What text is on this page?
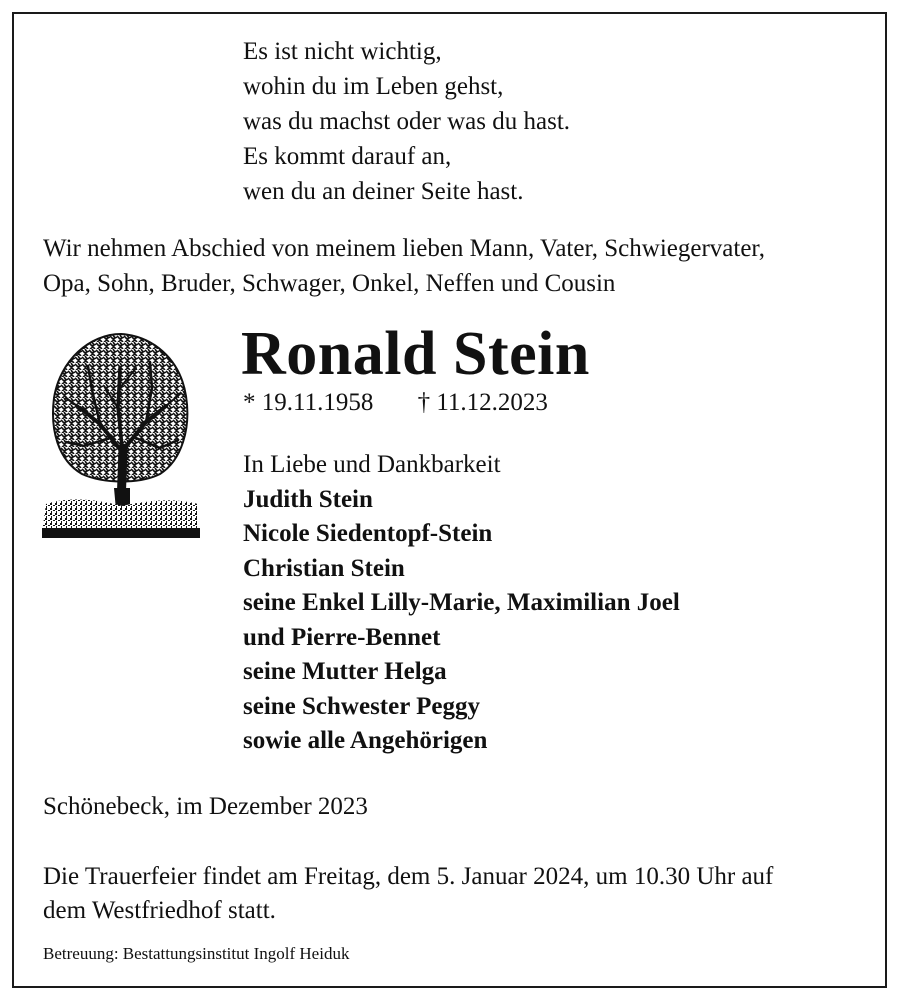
Es ist nicht wichtig,
wohin du im Leben gehst,
was du machst oder was du hast.
Es kommt darauf an,
wen du an deiner Seite hast.
Wir nehmen Abschied von meinem lieben Mann, Vater, Schwiegervater,
Opa, Sohn, Bruder, Schwager, Onkel, Neffen und Cousin
Ronald Stein
* 19.11.1958 † 11.12.2023
In Liebe und Dankbarkeit
Judith Stein
Nicole Siedentopf-Stein
Christian Stein
seine Enkel Lilly-Marie, Maximilian Joel
und Pierre-Bennet
seine Mutter Helga
seine Schwester Peggy
sowie alle Angehörigen
Schönebeck, im Dezember 2023
Die Trauerfeier findet am Freitag, dem 5. Januar 2024, um 10.30 Uhr auf
dem Westfriedhof statt.
Betreuung: Bestattungsinstitut Ingolf Heiduk
